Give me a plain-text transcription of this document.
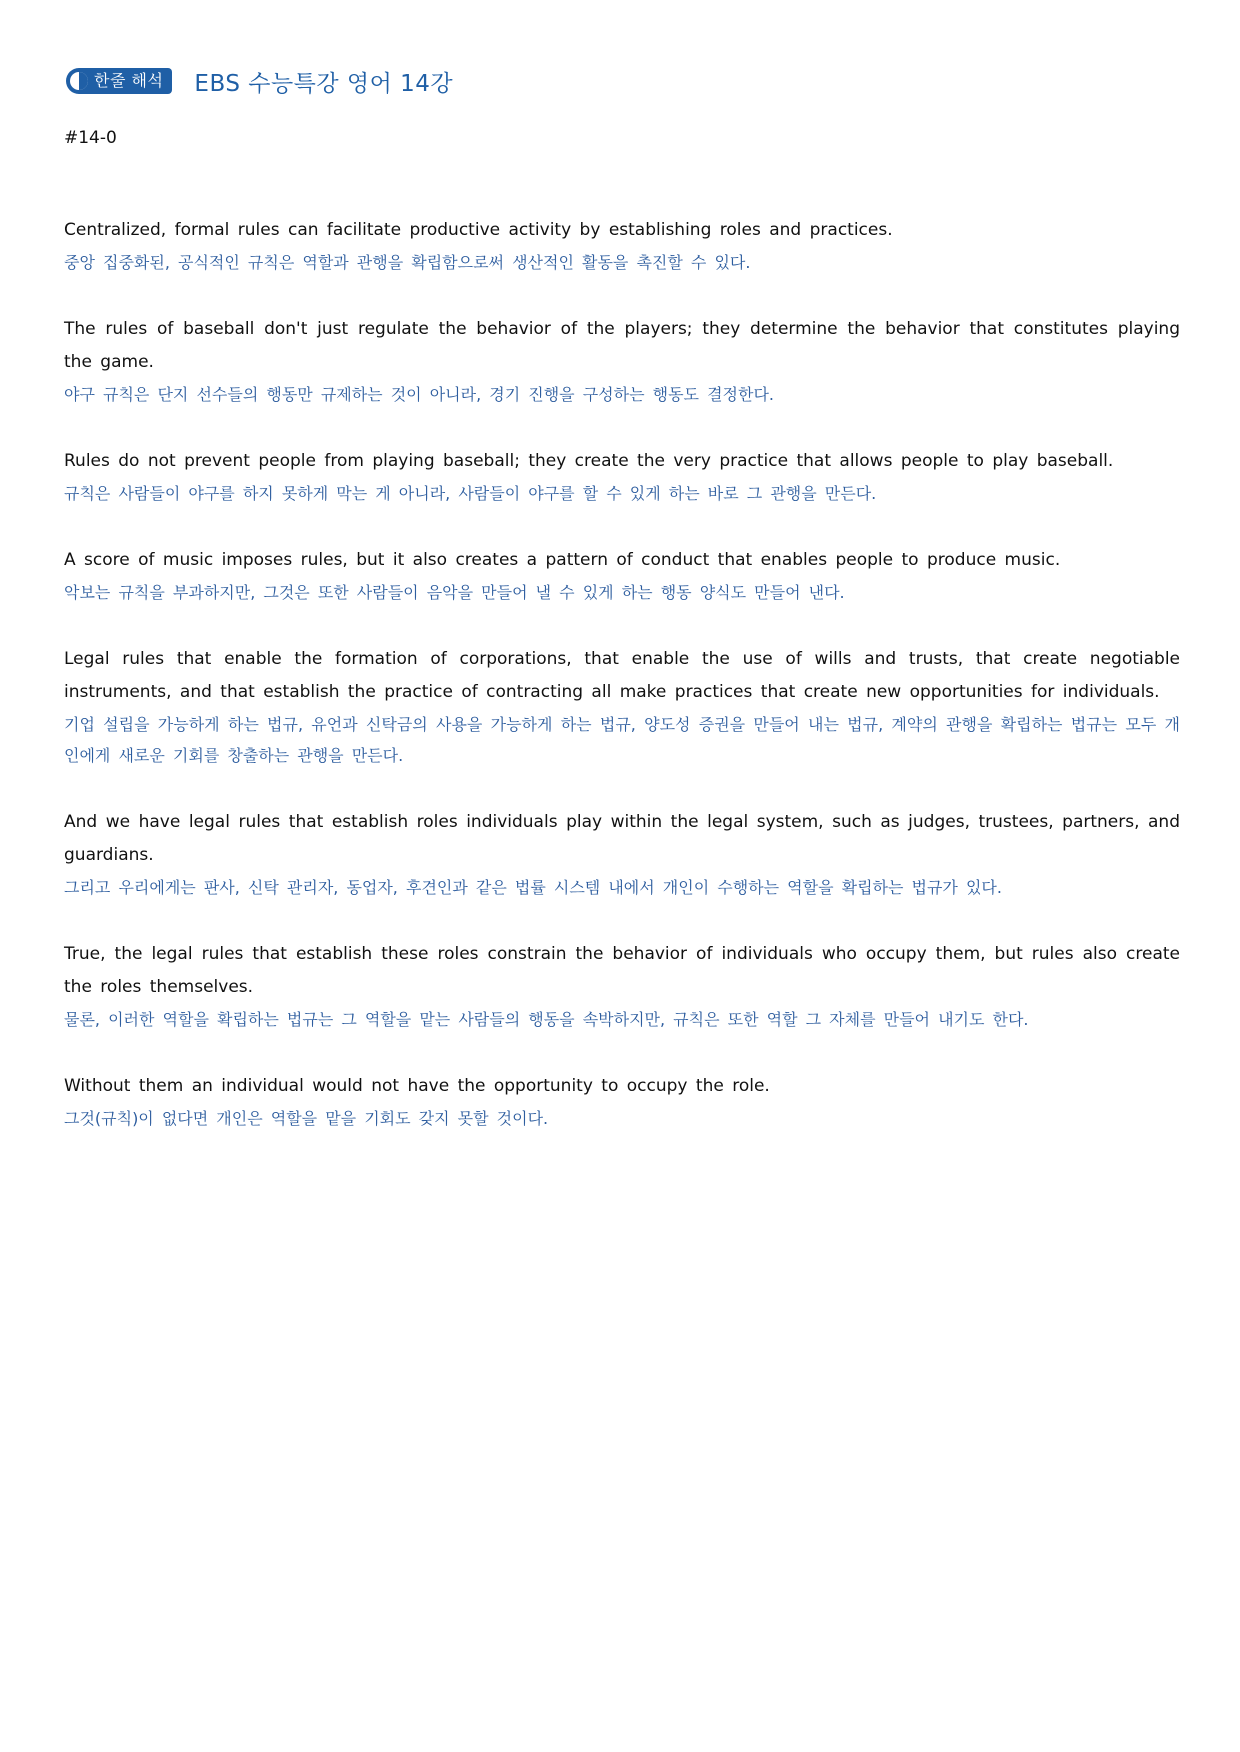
한줄 해석 EBS 수능특강 영어 14강
#14-0
Centralized, formal rules can facilitate productive activity by establishing roles and practices.
중앙 집중화된, 공식적인 규칙은 역할과 관행을 확립함으로써 생산적인 활동을 촉진할 수 있다.
The rules of baseball don't just regulate the behavior of the players; they determine the behavior that constitutes playing the game.
야구 규칙은 단지 선수들의 행동만 규제하는 것이 아니라, 경기 진행을 구성하는 행동도 결정한다.
Rules do not prevent people from playing baseball; they create the very practice that allows people to play baseball.
규칙은 사람들이 야구를 하지 못하게 막는 게 아니라, 사람들이 야구를 할 수 있게 하는 바로 그 관행을 만든다.
A score of music imposes rules, but it also creates a pattern of conduct that enables people to produce music.
악보는 규칙을 부과하지만, 그것은 또한 사람들이 음악을 만들어 낼 수 있게 하는 행동 양식도 만들어 낸다.
Legal rules that enable the formation of corporations, that enable the use of wills and trusts, that create negotiable instruments, and that establish the practice of contracting all make practices that create new opportunities for individuals.
기업 설립을 가능하게 하는 법규, 유언과 신탁금의 사용을 가능하게 하는 법규, 양도성 증권을 만들어 내는 법규, 계약의 관행을 확립하는 법규는 모두 개인에게 새로운 기회를 창출하는 관행을 만든다.
And we have legal rules that establish roles individuals play within the legal system, such as judges, trustees, partners, and guardians.
그리고 우리에게는 판사, 신탁 관리자, 동업자, 후견인과 같은 법률 시스템 내에서 개인이 수행하는 역할을 확립하는 법규가 있다.
True, the legal rules that establish these roles constrain the behavior of individuals who occupy them, but rules also create the roles themselves.
물론, 이러한 역할을 확립하는 법규는 그 역할을 맡는 사람들의 행동을 속박하지만, 규칙은 또한 역할 그 자체를 만들어 내기도 한다.
Without them an individual would not have the opportunity to occupy the role.
그것(규칙)이 없다면 개인은 역할을 맡을 기회도 갖지 못할 것이다.
